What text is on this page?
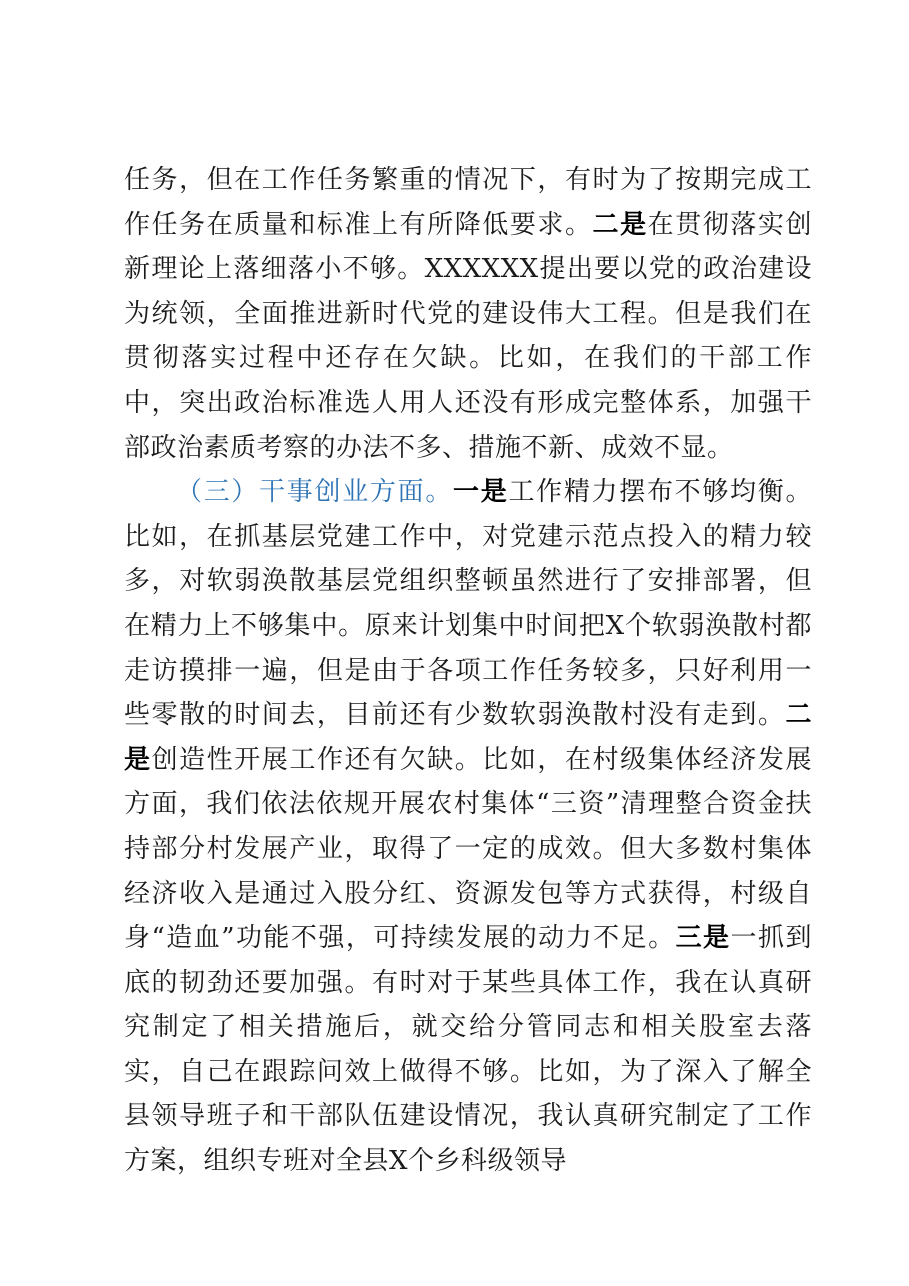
任务，但在工作任务繁重的情况下，有时为了按期完成工作任务在质量和标准上有所降低要求。二是在贯彻落实创新理论上落细落小不够。XXXXXX提出要以党的政治建设为统领，全面推进新时代党的建设伟大工程。但是我们在贯彻落实过程中还存在欠缺。比如，在我们的干部工作中，突出政治标准选人用人还没有形成完整体系，加强干部政治素质考察的办法不多、措施不新、成效不显。

（三）干事创业方面。一是工作精力摆布不够均衡。比如，在抓基层党建工作中，对党建示范点投入的精力较多，对软弱涣散基层党组织整顿虽然进行了安排部署，但在精力上不够集中。原来计划集中时间把X个软弱涣散村都走访摸排一遍，但是由于各项工作任务较多，只好利用一些零散的时间去，目前还有少数软弱涣散村没有走到。二是创造性开展工作还有欠缺。比如，在村级集体经济发展方面，我们依法依规开展农村集体“三资”清理整合资金扶持部分村发展产业，取得了一定的成效。但大多数村集体经济收入是通过入股分红、资源发包等方式获得，村级自身“造血”功能不强，可持续发展的动力不足。三是一抓到底的韧劲还要加强。有时对于某些具体工作，我在认真研究制定了相关措施后，就交给分管同志和相关股室去落实，自己在跟踪问效上做得不够。比如，为了深入了解全县领导班子和干部队伍建设情况，我认真研究制定了工作方案，组织专班对全县X个乡科级领导
